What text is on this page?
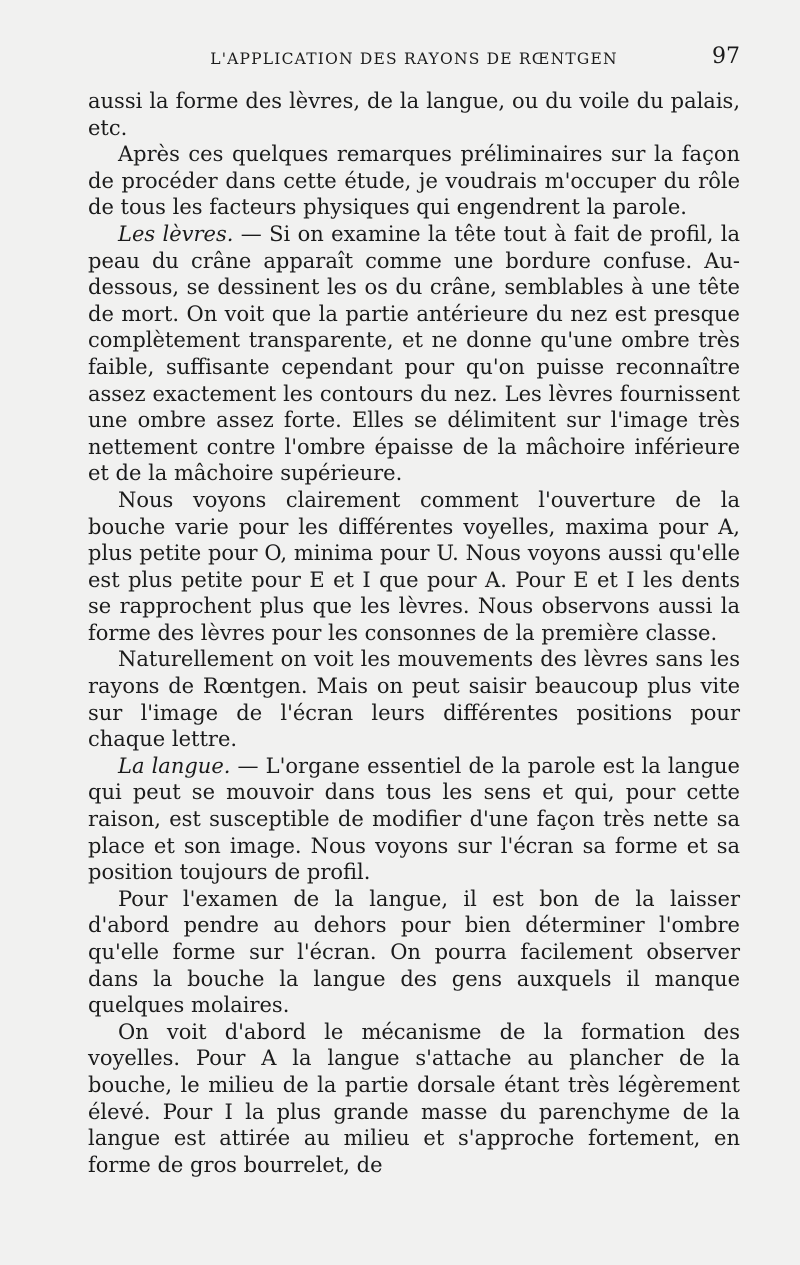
L'APPLICATION DES RAYONS DE RŒNTGEN	97

aussi la forme des lèvres, de la langue, ou du voile du palais, etc.

Après ces quelques remarques préliminaires sur la façon de procéder dans cette étude, je voudrais m'occuper du rôle de tous les facteurs physiques qui engendrent la parole.

Les lèvres. — Si on examine la tête tout à fait de profil, la peau du crâne apparaît comme une bordure confuse. Au-dessous, se dessinent les os du crâne, semblables à une tête de mort. On voit que la partie antérieure du nez est presque complètement transparente, et ne donne qu'une ombre très faible, suffisante cependant pour qu'on puisse reconnaître assez exactement les contours du nez. Les lèvres fournissent une ombre assez forte. Elles se délimitent sur l'image très nettement contre l'ombre épaisse de la mâchoire inférieure et de la mâchoire supérieure.

Nous voyons clairement comment l'ouverture de la bouche varie pour les différentes voyelles, maxima pour A, plus petite pour O, minima pour U. Nous voyons aussi qu'elle est plus petite pour E et I que pour A. Pour E et I les dents se rapprochent plus que les lèvres. Nous observons aussi la forme des lèvres pour les consonnes de la première classe.

Naturellement on voit les mouvements des lèvres sans les rayons de Rœntgen. Mais on peut saisir beaucoup plus vite sur l'image de l'écran leurs différentes positions pour chaque lettre.

La langue. — L'organe essentiel de la parole est la langue qui peut se mouvoir dans tous les sens et qui, pour cette raison, est susceptible de modifier d'une façon très nette sa place et son image. Nous voyons sur l'écran sa forme et sa position toujours de profil.

Pour l'examen de la langue, il est bon de la laisser d'abord pendre au dehors pour bien déterminer l'ombre qu'elle forme sur l'écran. On pourra facilement observer dans la bouche la langue des gens auxquels il manque quelques molaires.

On voit d'abord le mécanisme de la formation des voyelles. Pour A la langue s'attache au plancher de la bouche, le milieu de la partie dorsale étant très légèrement élevé. Pour I la plus grande masse du parenchyme de la langue est attirée au milieu et s'approche fortement, en forme de gros bourrelet, de
